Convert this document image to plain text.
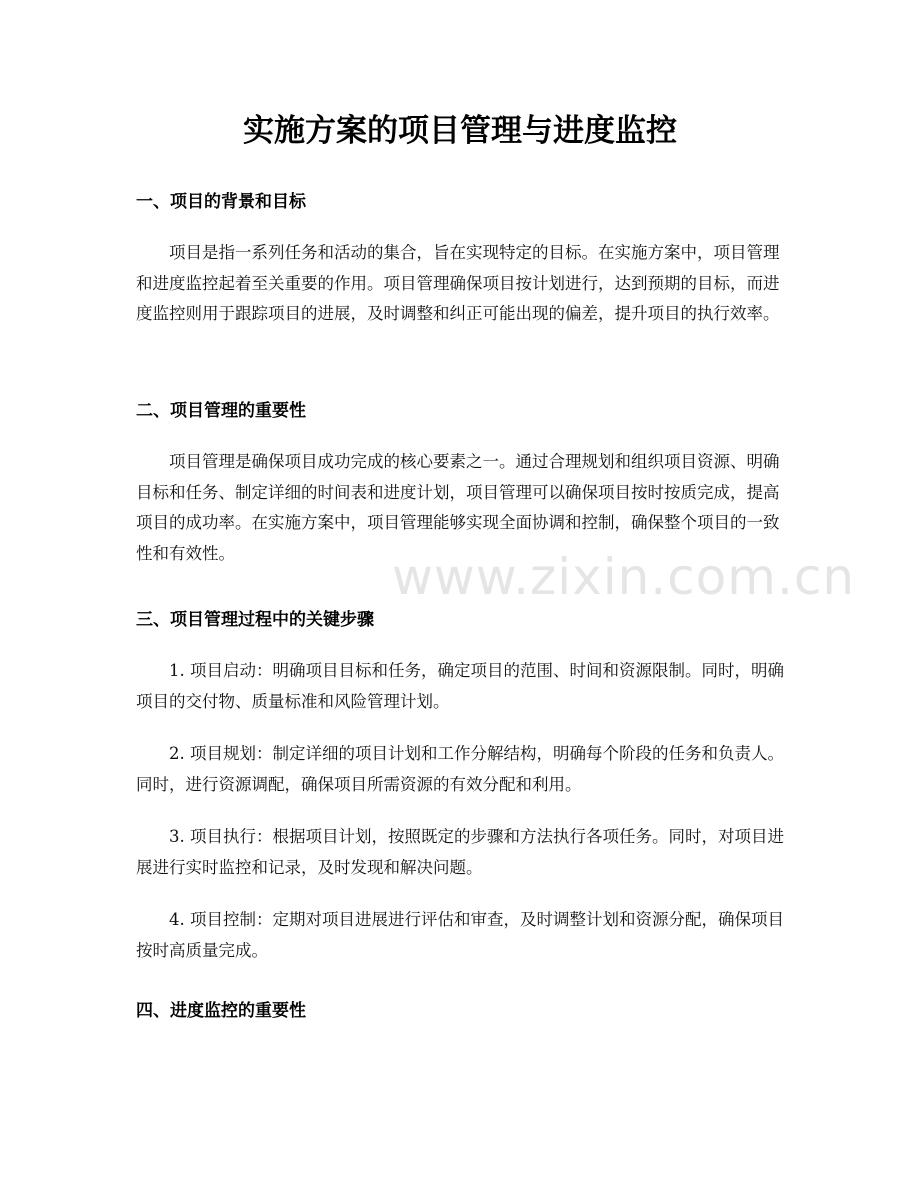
实施方案的项目管理与进度监控
一、项目的背景和目标

项目是指一系列任务和活动的集合，旨在实现特定的目标。在实施方案中，项目管理和进度监控起着至关重要的作用。项目管理确保项目按计划进行，达到预期的目标，而进度监控则用于跟踪项目的进展，及时调整和纠正可能出现的偏差，提升项目的执行效率。

二、项目管理的重要性

项目管理是确保项目成功完成的核心要素之一。通过合理规划和组织项目资源、明确目标和任务、制定详细的时间表和进度计划，项目管理可以确保项目按时按质完成，提高项目的成功率。在实施方案中，项目管理能够实现全面协调和控制，确保整个项目的一致性和有效性。

三、项目管理过程中的关键步骤

1. 项目启动：明确项目目标和任务，确定项目的范围、时间和资源限制。同时，明确项目的交付物、质量标准和风险管理计划。

2. 项目规划：制定详细的项目计划和工作分解结构，明确每个阶段的任务和负责人。同时，进行资源调配，确保项目所需资源的有效分配和利用。

3. 项目执行：根据项目计划，按照既定的步骤和方法执行各项任务。同时，对项目进展进行实时监控和记录，及时发现和解决问题。

4. 项目控制：定期对项目进展进行评估和审查，及时调整计划和资源分配，确保项目按时高质量完成。

四、进度监控的重要性
www.zixin.com.cn
